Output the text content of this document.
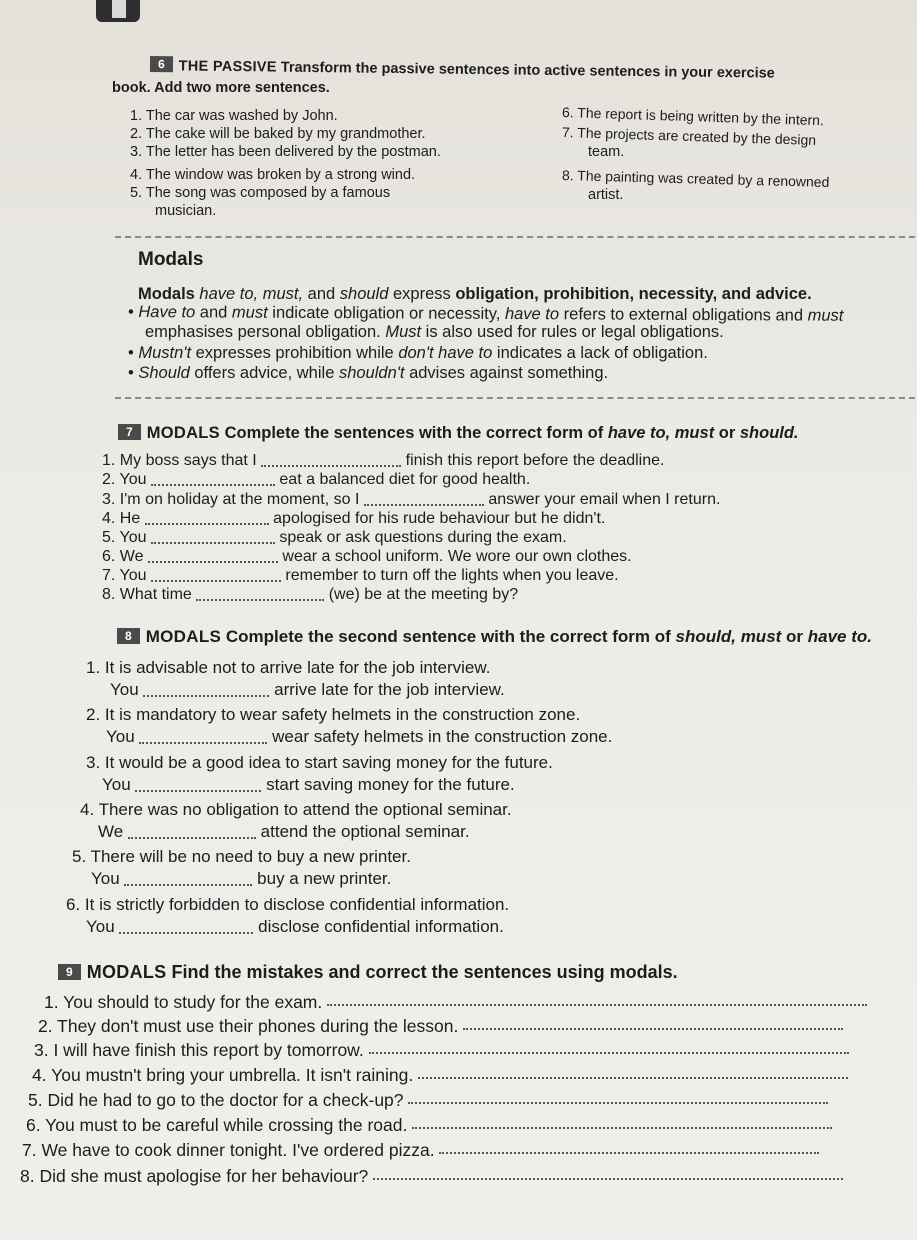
6 THE PASSIVE Transform the passive sentences into active sentences in your exercise
book. Add two more sentences.
1. The car was washed by John.
2. The cake will be baked by my grandmother.
3. The letter has been delivered by the postman.
4. The window was broken by a strong wind.
5. The song was composed by a famous
musician.
6. The report is being written by the intern.
7. The projects are created by the design
team.
8. The painting was created by a renowned
artist.
Modals
Modals have to, must, and should express obligation, prohibition, necessity, and advice.
• Have to and must indicate obligation or necessity, have to refers to external obligations and must
emphasises personal obligation. Must is also used for rules or legal obligations.
• Mustn't expresses prohibition while don't have to indicates a lack of obligation.
• Should offers advice, while shouldn't advises against something.
7 MODALS Complete the sentences with the correct form of have to, must or should.
1. My boss says that I	finish this report before the deadline.
2. You	eat a balanced diet for good health.
3. I'm on holiday at the moment, so I	answer your email when I return.
4. He	apologised for his rude behaviour but he didn't.
5. You	speak or ask questions during the exam.
6. We	wear a school uniform. We wore our own clothes.
7. You	remember to turn off the lights when you leave.
8. What time	(we) be at the meeting by?
8 MODALS Complete the second sentence with the correct form of should, must or have to.
1. It is advisable not to arrive late for the job interview.
You	arrive late for the job interview.
2. It is mandatory to wear safety helmets in the construction zone.
You	wear safety helmets in the construction zone.
3. It would be a good idea to start saving money for the future.
You	start saving money for the future.
4. There was no obligation to attend the optional seminar.
We	attend the optional seminar.
5. There will be no need to buy a new printer.
You	buy a new printer.
6. It is strictly forbidden to disclose confidential information.
You	disclose confidential information.
9 MODALS Find the mistakes and correct the sentences using modals.
1. You should to study for the exam.
2. They don't must use their phones during the lesson.
3. I will have finish this report by tomorrow.
4. You mustn't bring your umbrella. It isn't raining.
5. Did he had to go to the doctor for a check-up?
6. You must to be careful while crossing the road.
7. We have to cook dinner tonight. I've ordered pizza.
8. Did she must apologise for her behaviour?
